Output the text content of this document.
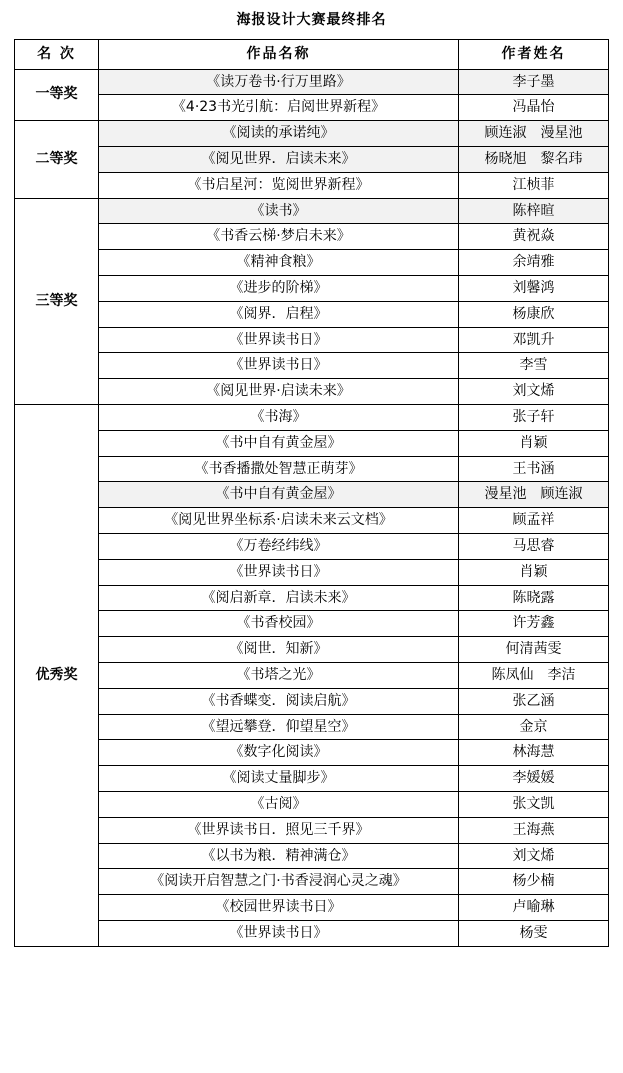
海报设计大赛最终排名		
名 次	作品名称	作者姓名
一等奖	《读万卷书·行万里路》	李子墨
	《4·23书光引航：启阅世界新程》	冯晶怡
二等奖	《阅读的承诺纯》	顾连淑　漫星池
	《阅见世界．启读未来》	杨晓旭　黎名玮
	《书启星河：览阅世界新程》	江桢菲
三等奖	《读书》	陈梓暄
	《书香云梯·梦启未来》	黄祝焱
	《精神食粮》	余靖雅
	《进步的阶梯》	刘馨鸿
	《阅界．启程》	杨康欣
	《世界读书日》	邓凯升
	《世界读书日》	李雪
	《阅见世界·启读未来》	刘文烯
优秀奖	《书海》	张子轩
	《书中自有黄金屋》	肖颖
	《书香播撒处智慧正萌芽》	王书涵
	《书中自有黄金屋》	漫星池　顾连淑
	《阅见世界坐标系·启读未来云文档》	顾孟祥
	《万卷经纬线》	马思睿
	《世界读书日》	肖颖
	《阅启新章．启读未来》	陈晓露
	《书香校园》	许芳鑫
	《阅世．知新》	何清茜雯
	《书塔之光》	陈凤仙　李洁
	《书香蝶变．阅读启航》	张乙涵
	《望远攀登．仰望星空》	金京
	《数字化阅读》	林海慧
	《阅读丈量脚步》	李媛媛
	《古阅》	张文凯
	《世界读书日．照见三千界》	王海燕
	《以书为粮．精神满仓》	刘文烯
	《阅读开启智慧之门·书香浸润心灵之魂》	杨少楠
	《校园世界读书日》	卢喻琳
	《世界读书日》	杨雯
